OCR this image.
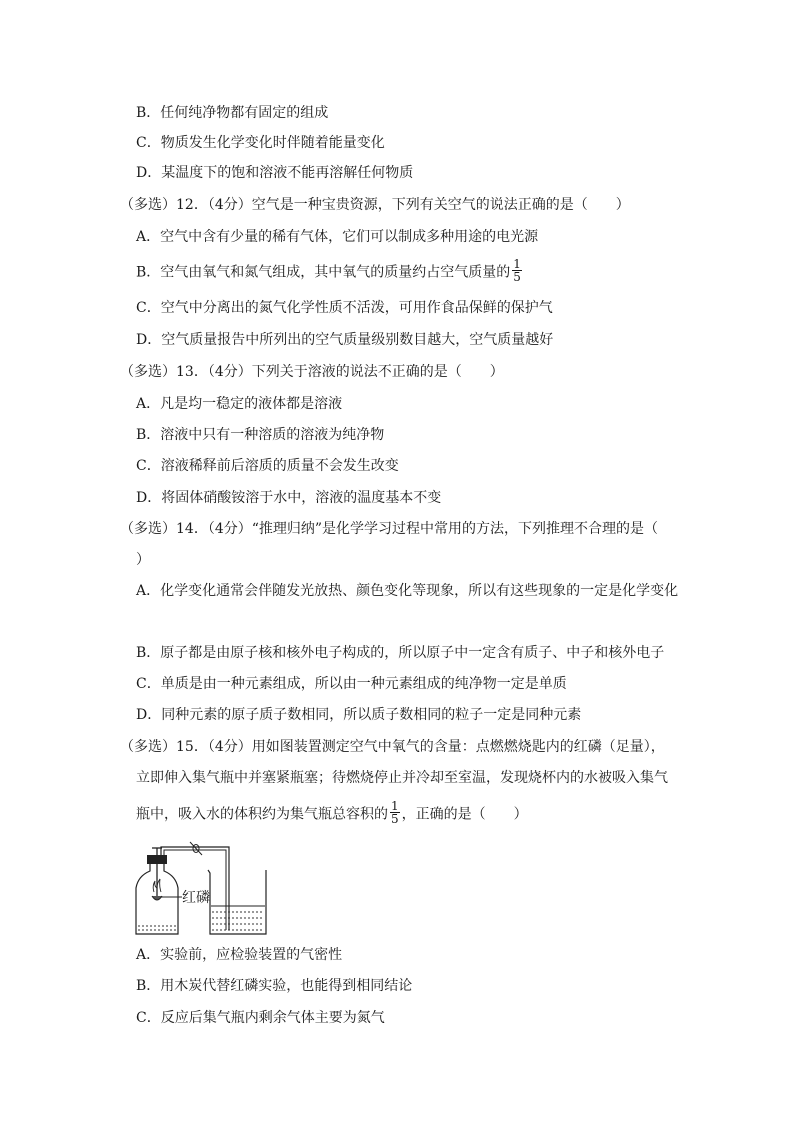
B．任何纯净物都有固定的组成
C．物质发生化学变化时伴随着能量变化
D．某温度下的饱和溶液不能再溶解任何物质
（多选）12．（4分）空气是一种宝贵资源，下列有关空气的说法正确的是（　　）
A．空气中含有少量的稀有气体，它们可以制成多种用途的电光源
B．空气由氧气和氮气组成，其中氧气的质量约占空气质量的 $\frac{1}{5}$
C．空气中分离出的氮气化学性质不活泼，可用作食品保鲜的保护气
D．空气质量报告中所列出的空气质量级别数目越大，空气质量越好
（多选）13．（4分）下列关于溶液的说法不正确的是（　　）
A．凡是均一稳定的液体都是溶液
B．溶液中只有一种溶质的溶液为纯净物
C．溶液稀释前后溶质的质量不会发生改变
D．将固体硝酸铵溶于水中，溶液的温度基本不变
（多选）14．（4分）“推理归纳”是化学学习过程中常用的方法，下列推理不合理的是（
）
A．化学变化通常会伴随发光放热、颜色变化等现象，所以有这些现象的一定是化学变化
B．原子都是由原子核和核外电子构成的，所以原子中一定含有质子、中子和核外电子
C．单质是由一种元素组成，所以由一种元素组成的纯净物一定是单质
D．同种元素的原子质子数相同，所以质子数相同的粒子一定是同种元素
（多选）15．（4分）用如图装置测定空气中氧气的含量：点燃燃烧匙内的红磷（足量），
立即伸入集气瓶中并塞紧瓶塞；待燃烧停止并冷却至室温，发现烧杯内的水被吸入集气
瓶中，吸入水的体积约为集气瓶总容积的 $\frac{1}{5}$ ，正确的是（　　）
红磷
A．实验前，应检验装置的气密性
B．用木炭代替红磷实验，也能得到相同结论
C．反应后集气瓶内剩余气体主要为氮气
